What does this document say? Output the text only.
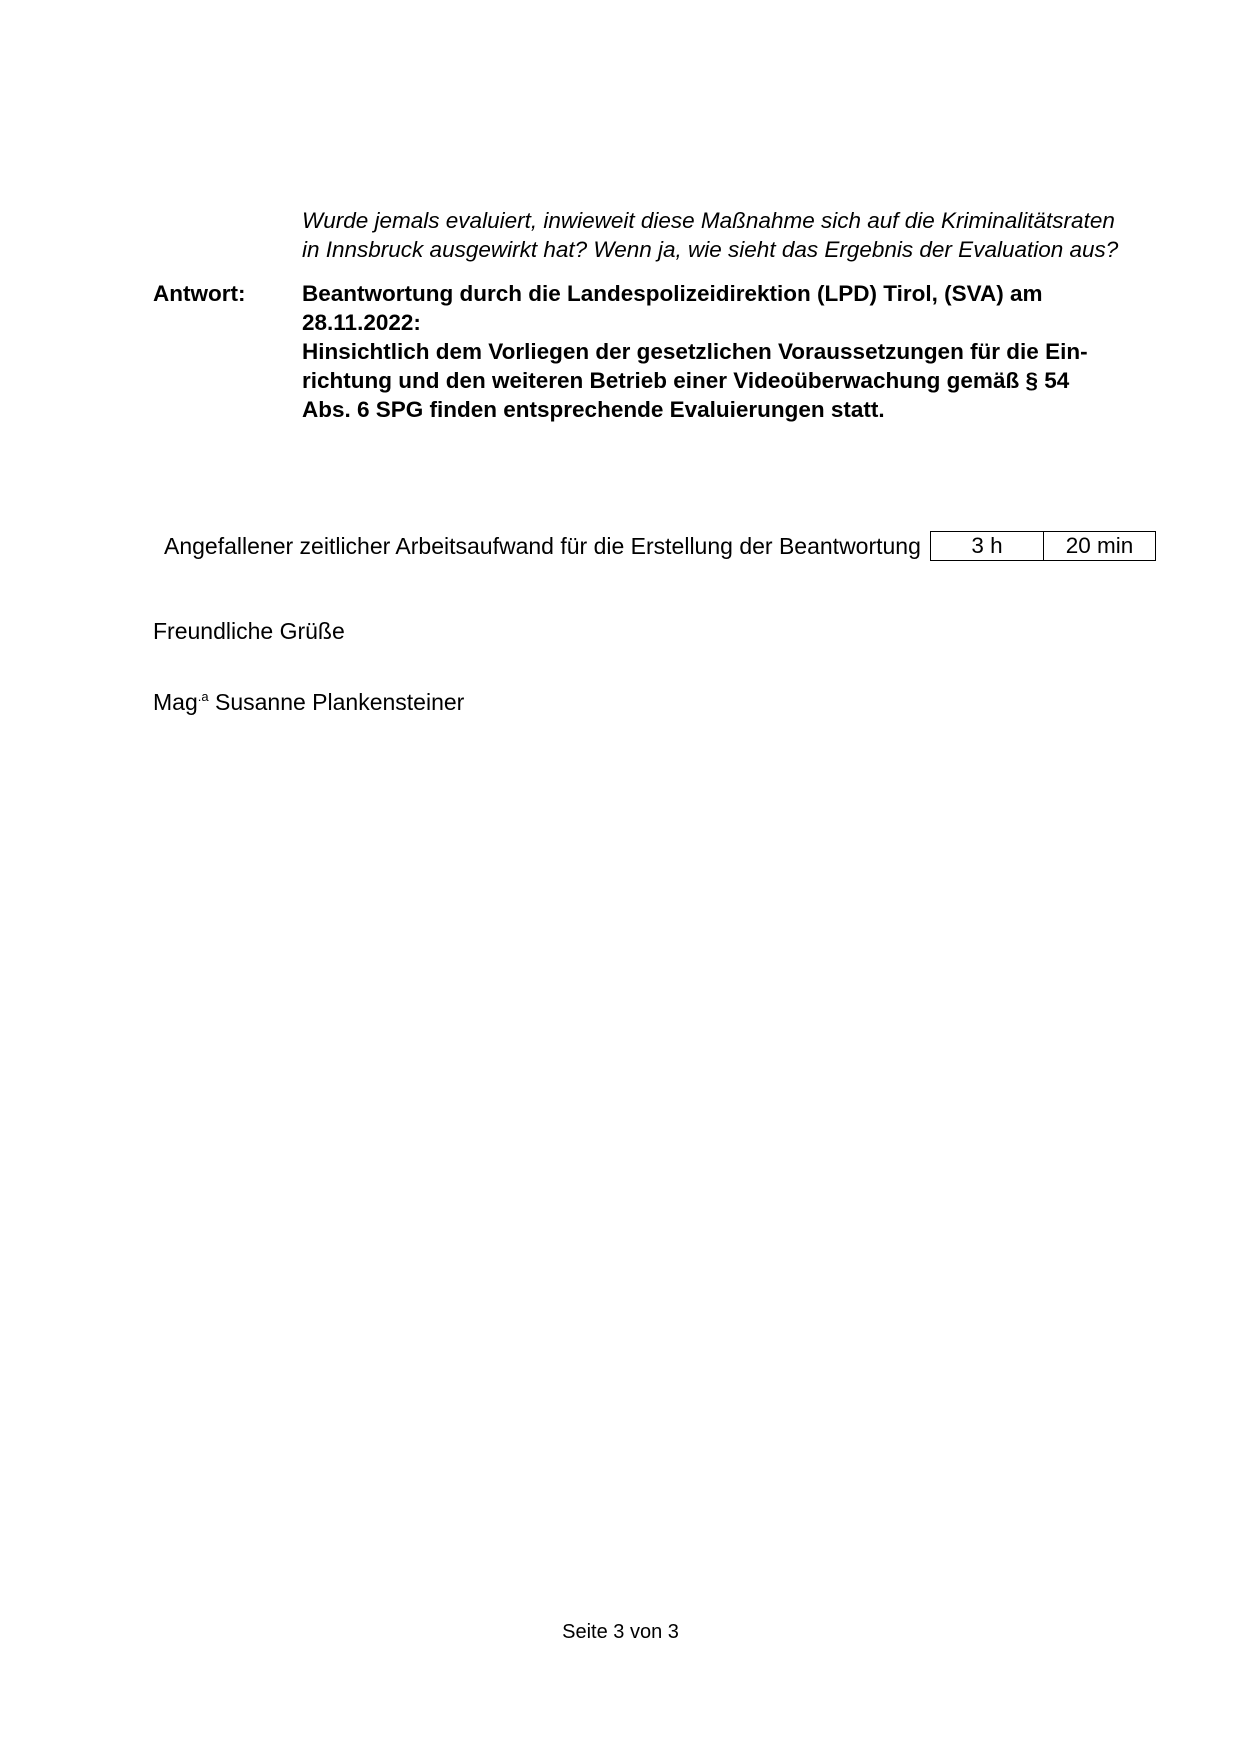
Wurde jemals evaluiert, inwieweit diese Maßnahme sich auf die Kriminalitätsraten
in Innsbruck ausgewirkt hat? Wenn ja, wie sieht das Ergebnis der Evaluation aus?
Antwort:	Beantwortung durch die Landespolizeidirektion (LPD) Tirol, (SVA) am
28.11.2022:
Hinsichtlich dem Vorliegen der gesetzlichen Voraussetzungen für die Ein-
richtung und den weiteren Betrieb einer Videoüberwachung gemäß § 54
Abs. 6 SPG finden entsprechende Evaluierungen statt.
Angefallener zeitlicher Arbeitsaufwand für die Erstellung der Beantwortung	3 h	20 min
Freundliche Grüße
Mag$^{.a}$ Susanne Plankensteiner
Seite 3 von 3
